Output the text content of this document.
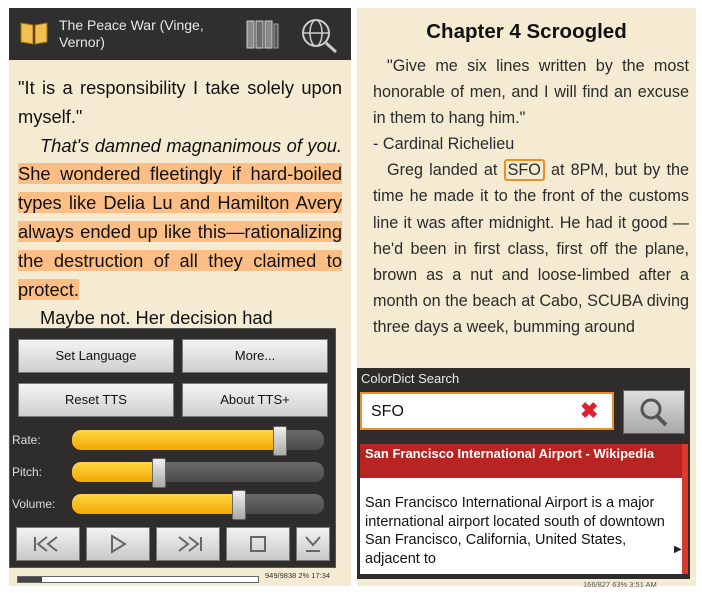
The Peace War (Vinge, Vernor)

"It is a responsibility I take solely upon myself."

That's damned magnanimous of you. She wondered fleetingly if hard-boiled types like Delia Lu and Hamilton Avery always ended up like this—rationalizing the destruction of all they claimed to protect.

Maybe not. Her decision had

949/9838 2% 17:34
Set Language	More...
Reset TTS	About TTS+
Rate:
Pitch:
Volume:
Chapter 4 Scroogled

"Give me six lines written by the most honorable of men, and I will find an excuse in them to hang him."

- Cardinal Richelieu

Greg landed at SFO at 8PM, but by the time he made it to the front of the customs line it was after midnight. He had it good — he'd been in first class, first off the plane, brown as a nut and loose-limbed after a month on the beach at Cabo, SCUBA diving three days a week, bumming around

166/827 63% 3:51 AM
ColorDict Search
SFO	✖
San Francisco International Airport - Wikipedia
San Francisco International Airport is a major international airport located south of downtown San Francisco, California, United States, adjacent to
▶
